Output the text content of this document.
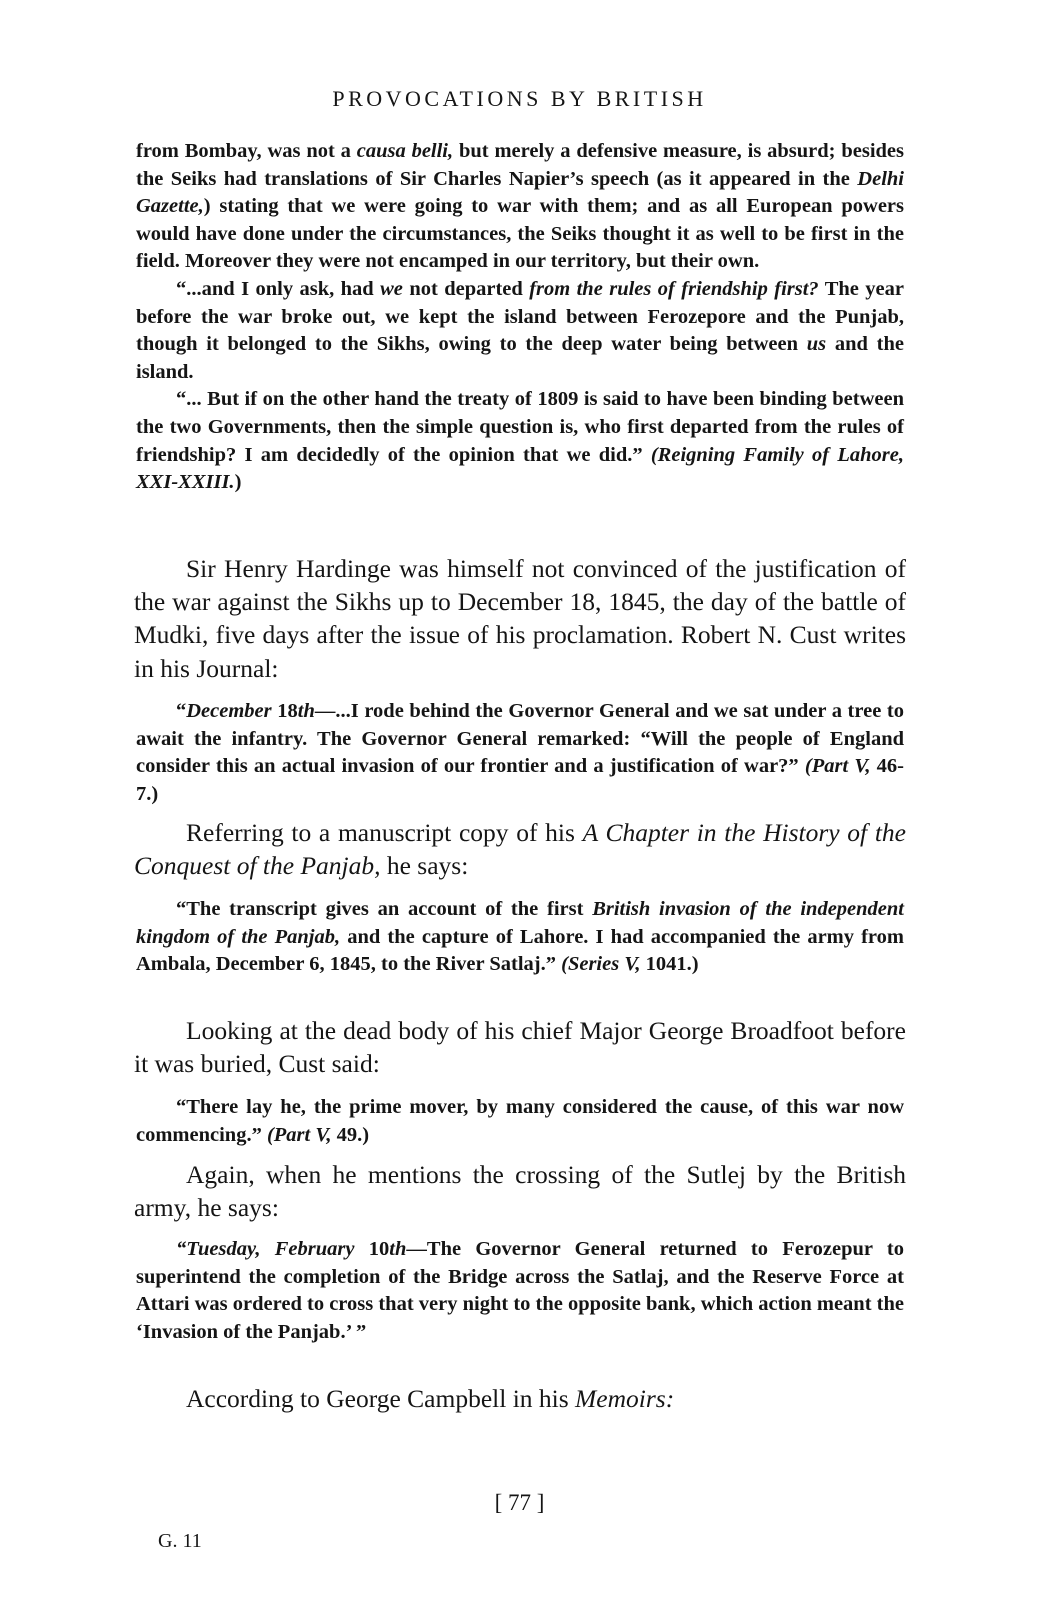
PROVOCATIONS BY BRITISH

from Bombay, was not a causa belli, but merely a defensive measure, is absurd; besides the Seiks had translations of Sir Charles Napier’s speech (as it appeared in the Delhi Gazette,) stating that we were going to war with them; and as all European powers would have done under the circumstances, the Seiks thought it as well to be first in the field. Moreover they were not encamped in our territory, but their own.

“...and I only ask, had we not departed from the rules of friendship first? The year before the war broke out, we kept the island between Ferozepore and the Punjab, though it belonged to the Sikhs, owing to the deep water being between us and the island.

“... But if on the other hand the treaty of 1809 is said to have been binding between the two Governments, then the simple question is, who first departed from the rules of friendship? I am decidedly of the opinion that we did.” (Reigning Family of Lahore, XXI-XXIII.)

Sir Henry Hardinge was himself not convinced of the justification of the war against the Sikhs up to December 18, 1845, the day of the battle of Mudki, five days after the issue of his proclamation. Robert N. Cust writes in his Journal:

“December 18th—...I rode behind the Governor General and we sat under a tree to await the infantry. The Governor General remarked: “Will the people of England consider this an actual invasion of our frontier and a justification of war?” (Part V, 46-7.)

Referring to a manuscript copy of his A Chapter in the History of the Conquest of the Panjab, he says:

“The transcript gives an account of the first British invasion of the independent kingdom of the Panjab, and the capture of Lahore. I had accompanied the army from Ambala, December 6, 1845, to the River Satlaj.” (Series V, 1041.)

Looking at the dead body of his chief Major George Broadfoot before it was buried, Cust said:

“There lay he, the prime mover, by many considered the cause, of this war now commencing.” (Part V, 49.)

Again, when he mentions the crossing of the Sutlej by the British army, he says:

“Tuesday, February 10th—The Governor General returned to Ferozepur to superintend the completion of the Bridge across the Satlaj, and the Reserve Force at Attari was ordered to cross that very night to the opposite bank, which action meant the ‘Invasion of the Panjab.’ ”

According to George Campbell in his Memoirs:

[ 77 ]
G. 11
